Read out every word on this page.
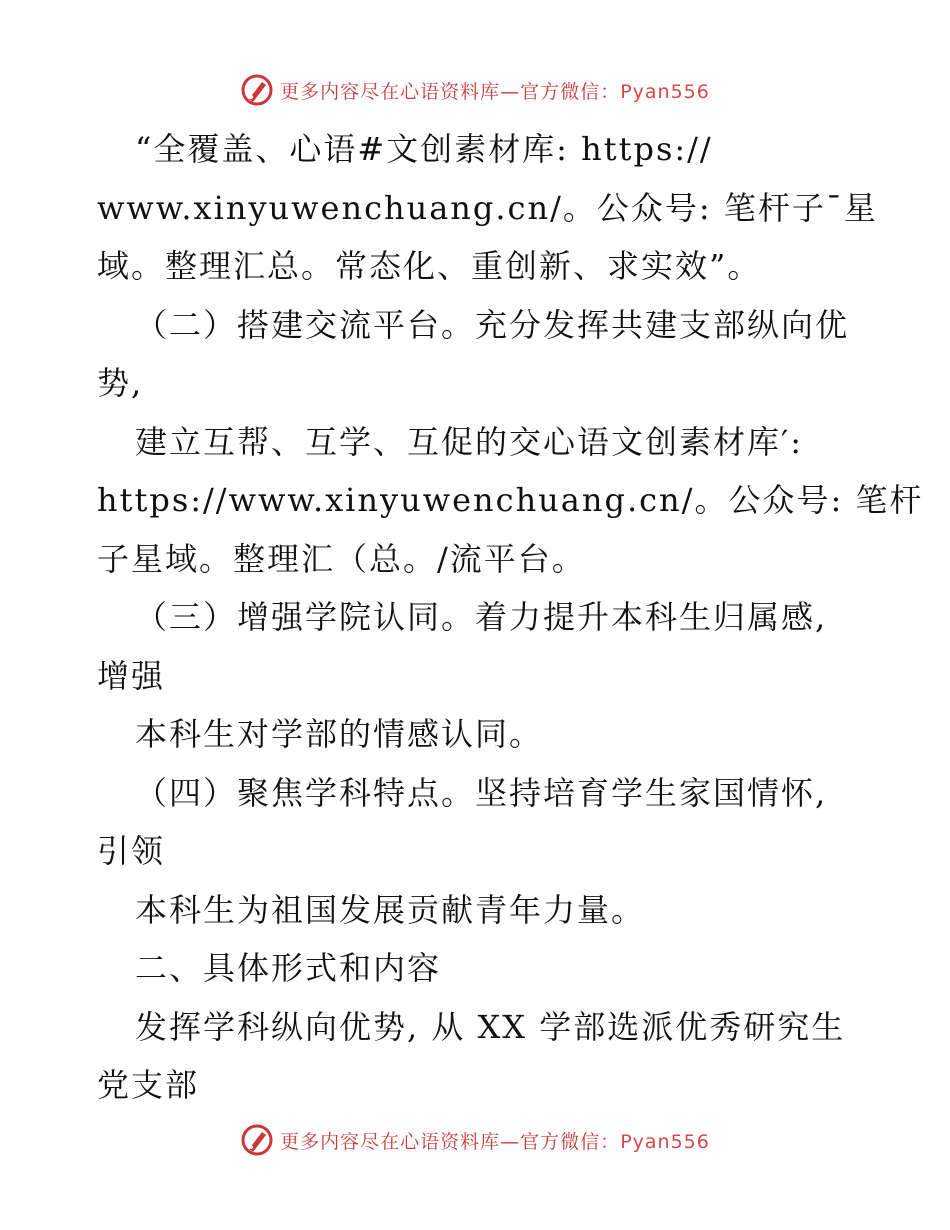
更多内容尽在心语资料库—官方微信：Pyan556
“全覆盖、心语#文创素材库: https://
www.xinyuwenchuang.cn/。公众号: 笔杆子¯星
域。整理汇总。常态化、重创新、求实效”。
（二）搭建交流平台。充分发挥共建支部纵向优
势,
建立互帮、互学、互促的交心语文创素材库′:
https://www.xinyuwenchuang.cn/。公众号: 笔杆
子星域。整理汇（总。/流平台。
（三）增强学院认同。着力提升本科生归属感,
增强
本科生对学部的情感认同。
（四）聚焦学科特点。坚持培育学生家国情怀,
引领
本科生为祖国发展贡献青年力量。
二、具体形式和内容
发挥学科纵向优势, 从 XX 学部选派优秀研究生
党支部
更多内容尽在心语资料库—官方微信：Pyan556
